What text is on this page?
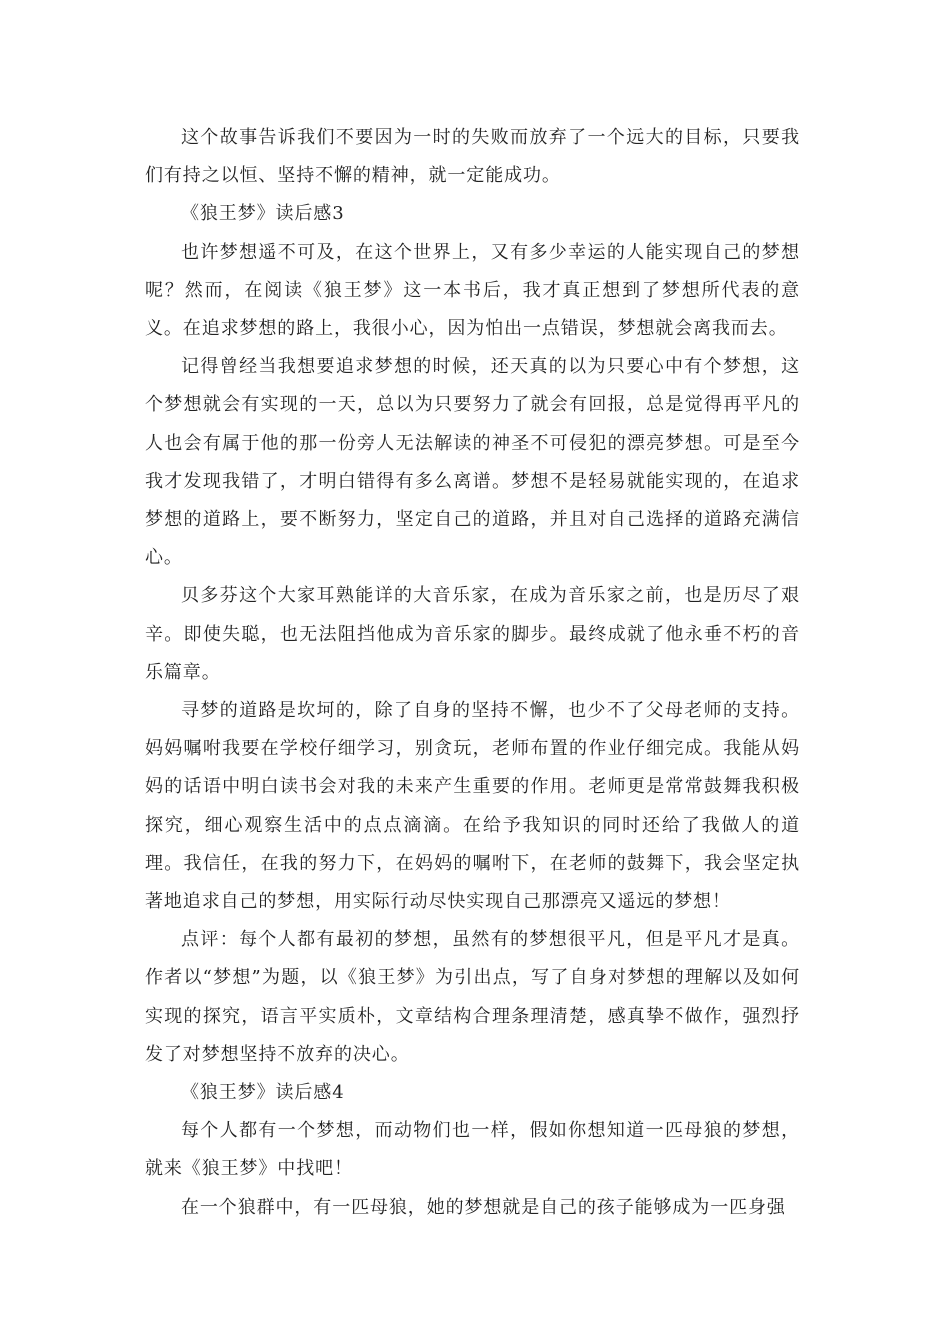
这个故事告诉我们不要因为一时的失败而放弃了一个远大的目标，只要我们有持之以恒、坚持不懈的精神，就一定能成功。

《狼王梦》读后感3

也许梦想遥不可及，在这个世界上，又有多少幸运的人能实现自己的梦想呢？然而，在阅读《狼王梦》这一本书后，我才真正想到了梦想所代表的意义。在追求梦想的路上，我很小心，因为怕出一点错误，梦想就会离我而去。

记得曾经当我想要追求梦想的时候，还天真的以为只要心中有个梦想，这个梦想就会有实现的一天，总以为只要努力了就会有回报，总是觉得再平凡的人也会有属于他的那一份旁人无法解读的神圣不可侵犯的漂亮梦想。可是至今我才发现我错了，才明白错得有多么离谱。梦想不是轻易就能实现的，在追求梦想的道路上，要不断努力，坚定自己的道路，并且对自己选择的道路充满信心。

贝多芬这个大家耳熟能详的大音乐家，在成为音乐家之前，也是历尽了艰辛。即使失聪，也无法阻挡他成为音乐家的脚步。最终成就了他永垂不朽的音乐篇章。

寻梦的道路是坎坷的，除了自身的坚持不懈，也少不了父母老师的支持。妈妈嘱咐我要在学校仔细学习，别贪玩，老师布置的作业仔细完成。我能从妈妈的话语中明白读书会对我的未来产生重要的作用。老师更是常常鼓舞我积极探究，细心观察生活中的点点滴滴。在给予我知识的同时还给了我做人的道理。我信任，在我的努力下，在妈妈的嘱咐下，在老师的鼓舞下，我会坚定执著地追求自己的梦想，用实际行动尽快实现自己那漂亮又遥远的梦想！

点评：每个人都有最初的梦想，虽然有的梦想很平凡，但是平凡才是真。作者以“梦想”为题，以《狼王梦》为引出点，写了自身对梦想的理解以及如何实现的探究，语言平实质朴，文章结构合理条理清楚，感真挚不做作，强烈抒发了对梦想坚持不放弃的决心。

《狼王梦》读后感4

每个人都有一个梦想，而动物们也一样，假如你想知道一匹母狼的梦想，就来《狼王梦》中找吧！

在一个狼群中，有一匹母狼，她的梦想就是自己的孩子能够成为一匹身强
